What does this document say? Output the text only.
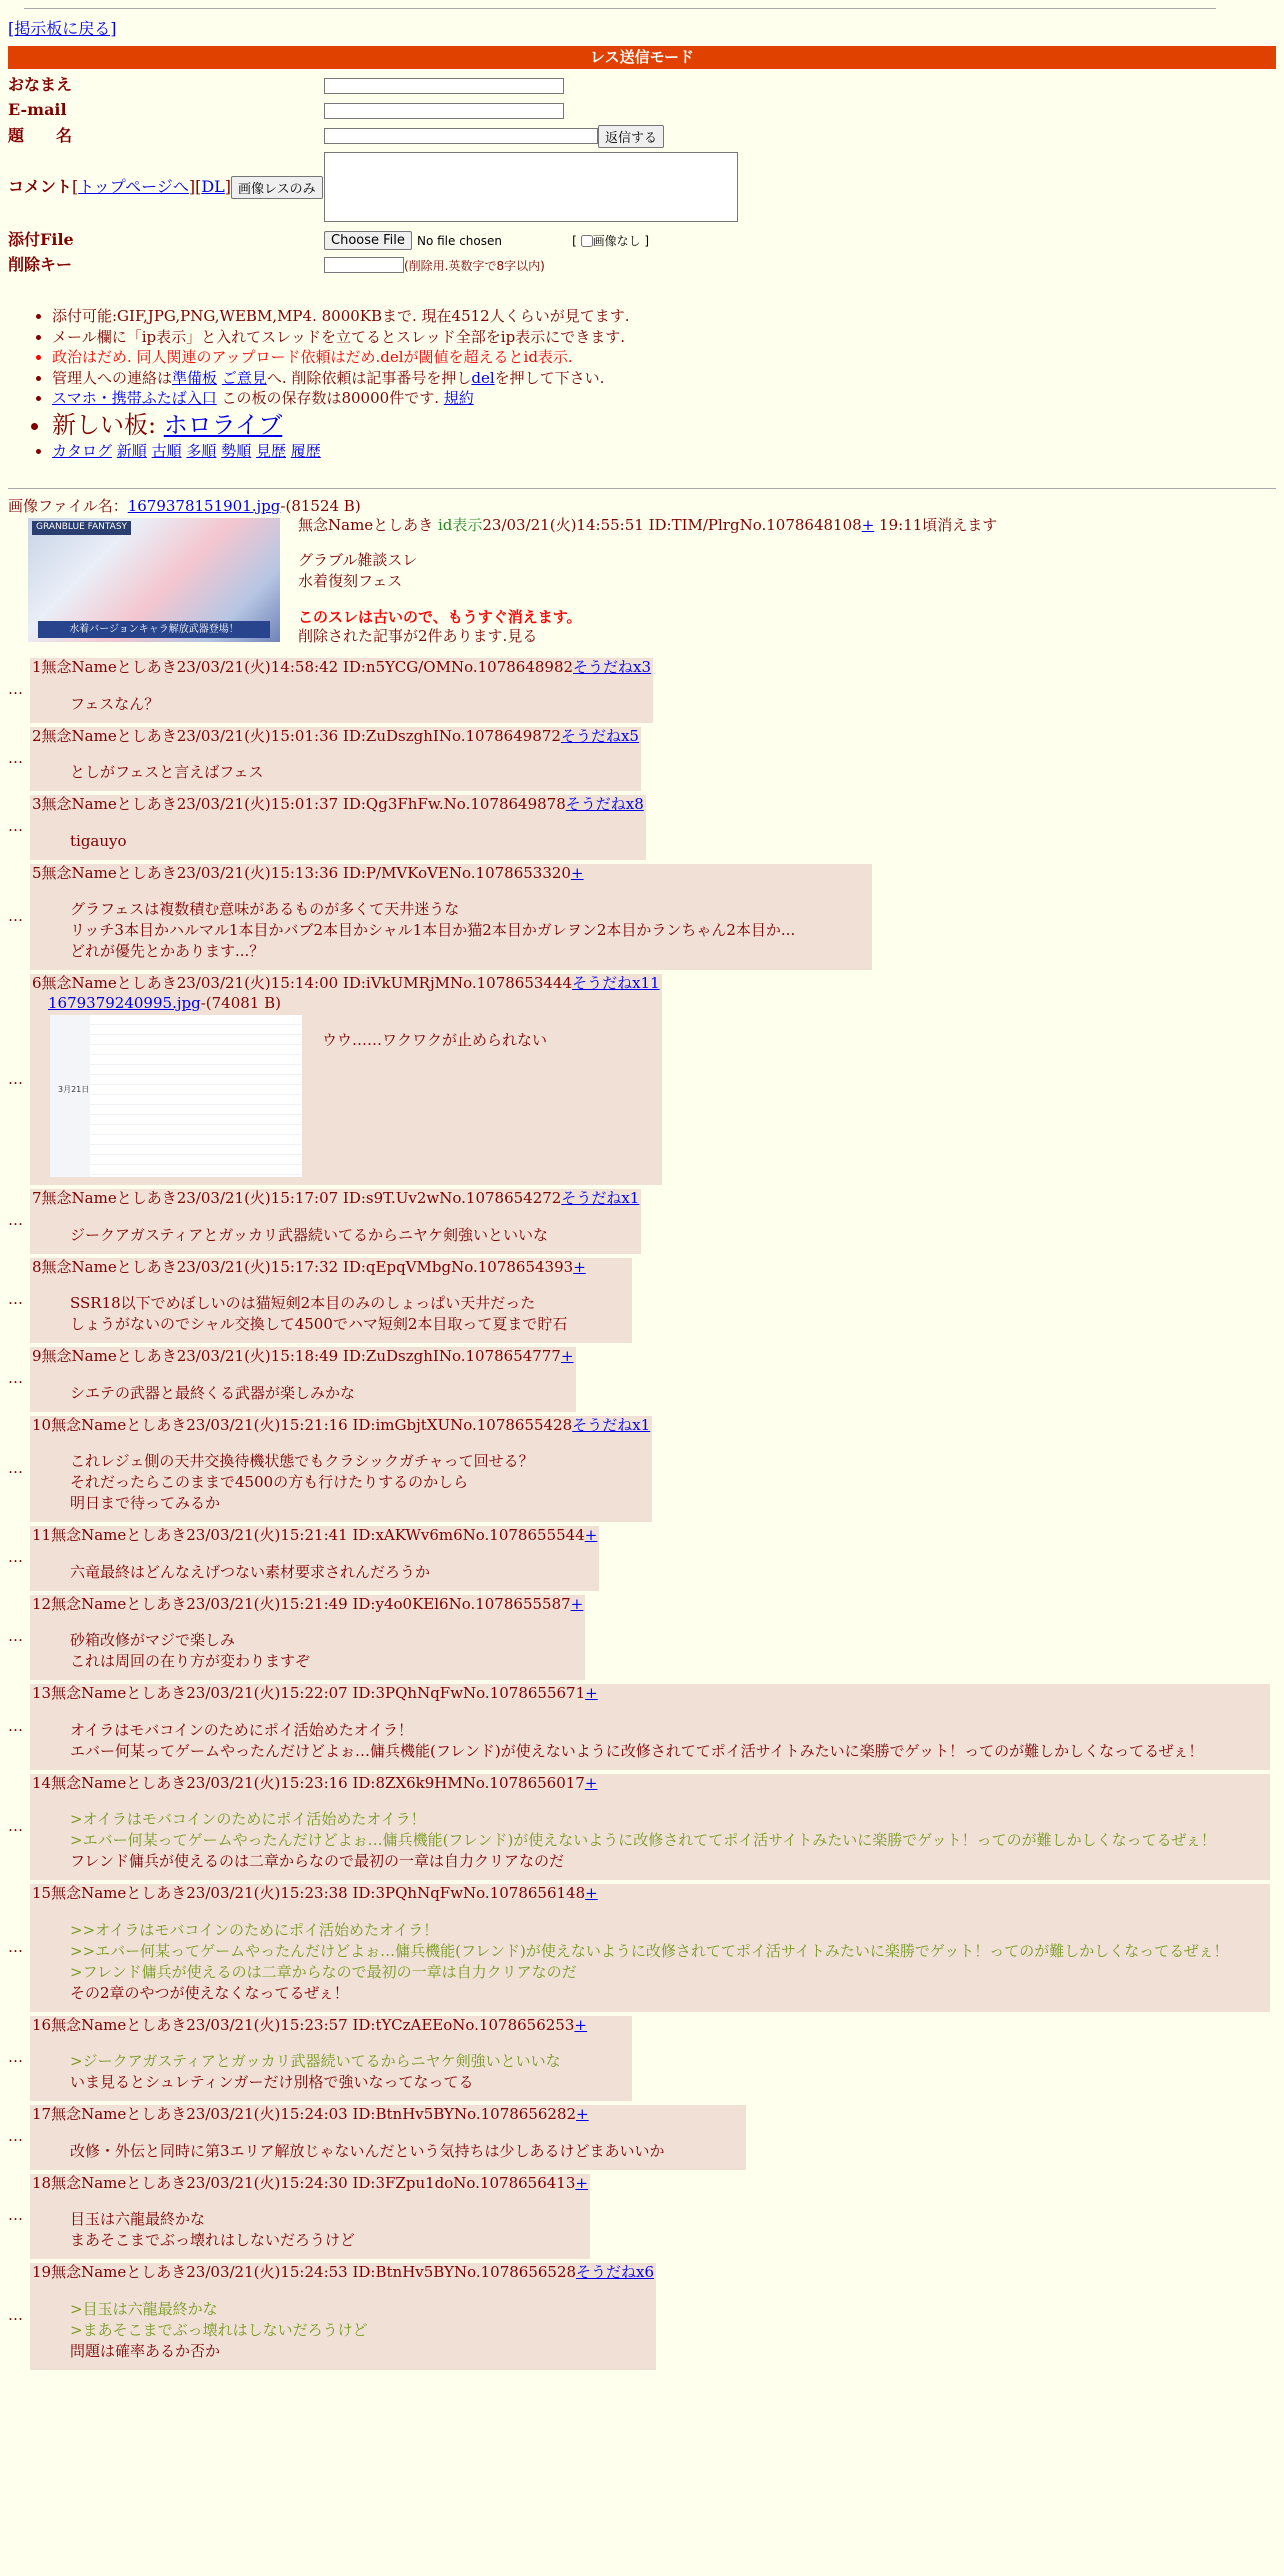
[掲示板に戻る]
レス送信モード
おなまえ	
E-mail	
題　　名	返信する
コメント[トップページへ][DL] 画像レスのみ	
添付File	Choose File No file chosen [ 画像なし ]
削除キー	(削除用.英数字で8字以内)
• 添付可能:GIF,JPG,PNG,WEBM,MP4. 8000KBまで. 現在4512人くらいが見てます.
• メール欄に「ip表示」と入れてスレッドを立てるとスレッド全部をip表示にできます.
• 政治はだめ. 同人関連のアップロード依頼はだめ.delが閾値を超えるとid表示.
• 管理人への連絡は準備板 ご意見へ. 削除依頼は記事番号を押しdelを押して下さい.
• スマホ・携帯ふたば入口 この板の保存数は80000件です. 規約
• 新しい板: ホロライブ
• カタログ 新順 古順 多順 勢順 見歴 履歴
画像ファイル名：1679378151901.jpg-(81524 B)
GRANBLUE FANTASY
水着バージョンキャラ解放武器登場！
無念Nameとしあき id表示23/03/21(火)14:55:51 ID:TIM/PlrgNo.1078648108+ 19:11頃消えます
グラブル雑談スレ
水着復刻フェス
このスレは古いので、もうすぐ消えます。
削除された記事が2件あります.見る
…
1無念Nameとしあき23/03/21(火)14:58:42 ID:n5YCG/OMNo.1078648982そうだねx3
フェスなん？
…
2無念Nameとしあき23/03/21(火)15:01:36 ID:ZuDszghINo.1078649872そうだねx5
としがフェスと言えばフェス
…
3無念Nameとしあき23/03/21(火)15:01:37 ID:Qg3FhFw.No.1078649878そうだねx8
tigauyo
…
5無念Nameとしあき23/03/21(火)15:13:36 ID:P/MVKoVENo.1078653320+
グラフェスは複数積む意味があるものが多くて天井迷うな
リッチ3本目かハルマル1本目かバブ2本目かシャル1本目か猫2本目かガレヲン2本目かランちゃん2本目か...
どれが優先とかあります...？
…
6無念Nameとしあき23/03/21(火)15:14:00 ID:iVkUMRjMNo.1078653444そうだねx11
1679379240995.jpg-(74081 B)
3月21日
ウウ……ワクワクが止められない
…
7無念Nameとしあき23/03/21(火)15:17:07 ID:s9T.Uv2wNo.1078654272そうだねx1
ジークアガスティアとガッカリ武器続いてるからニヤケ剣強いといいな
…
8無念Nameとしあき23/03/21(火)15:17:32 ID:qEpqVMbgNo.1078654393+
SSR18以下でめぼしいのは猫短剣2本目のみのしょっぱい天井だった
しょうがないのでシャル交換して4500でハマ短剣2本目取って夏まで貯石
…
9無念Nameとしあき23/03/21(火)15:18:49 ID:ZuDszghINo.1078654777+
シエテの武器と最終くる武器が楽しみかな
…
10無念Nameとしあき23/03/21(火)15:21:16 ID:imGbjtXUNo.1078655428そうだねx1
これレジェ側の天井交換待機状態でもクラシックガチャって回せる？
それだったらこのままで4500の方も行けたりするのかしら
明日まで待ってみるか
…
11無念Nameとしあき23/03/21(火)15:21:41 ID:xAKWv6m6No.1078655544+
六竜最終はどんなえげつない素材要求されんだろうか
…
12無念Nameとしあき23/03/21(火)15:21:49 ID:y4o0KEl6No.1078655587+
砂箱改修がマジで楽しみ
これは周回の在り方が変わりますぞ
…
13無念Nameとしあき23/03/21(火)15:22:07 ID:3PQhNqFwNo.1078655671+
オイラはモバコインのためにポイ活始めたオイラ！
エバー何某ってゲームやったんだけどよぉ…傭兵機能(フレンド)が使えないように改修されててポイ活サイトみたいに楽勝でゲット！ってのが難しかしくなってるぜぇ！
…
14無念Nameとしあき23/03/21(火)15:23:16 ID:8ZX6k9HMNo.1078656017+
>オイラはモバコインのためにポイ活始めたオイラ！
>エバー何某ってゲームやったんだけどよぉ…傭兵機能(フレンド)が使えないように改修されててポイ活サイトみたいに楽勝でゲット！ってのが難しかしくなってるぜぇ！
フレンド傭兵が使えるのは二章からなので最初の一章は自力クリアなのだ
…
15無念Nameとしあき23/03/21(火)15:23:38 ID:3PQhNqFwNo.1078656148+
>>オイラはモバコインのためにポイ活始めたオイラ！
>>エバー何某ってゲームやったんだけどよぉ…傭兵機能(フレンド)が使えないように改修されててポイ活サイトみたいに楽勝でゲット！ってのが難しかしくなってるぜぇ！
>フレンド傭兵が使えるのは二章からなので最初の一章は自力クリアなのだ
その2章のやつが使えなくなってるぜぇ！
…
16無念Nameとしあき23/03/21(火)15:23:57 ID:tYCzAEEoNo.1078656253+
>ジークアガスティアとガッカリ武器続いてるからニヤケ剣強いといいな
いま見るとシュレティンガーだけ別格で強いなってなってる
…
17無念Nameとしあき23/03/21(火)15:24:03 ID:BtnHv5BYNo.1078656282+
改修・外伝と同時に第3エリア解放じゃないんだという気持ちは少しあるけどまあいいか
…
18無念Nameとしあき23/03/21(火)15:24:30 ID:3FZpu1doNo.1078656413+
目玉は六龍最終かな
まあそこまでぶっ壊れはしないだろうけど
…
19無念Nameとしあき23/03/21(火)15:24:53 ID:BtnHv5BYNo.1078656528そうだねx6
>目玉は六龍最終かな
>まあそこまでぶっ壊れはしないだろうけど
問題は確率あるか否か
